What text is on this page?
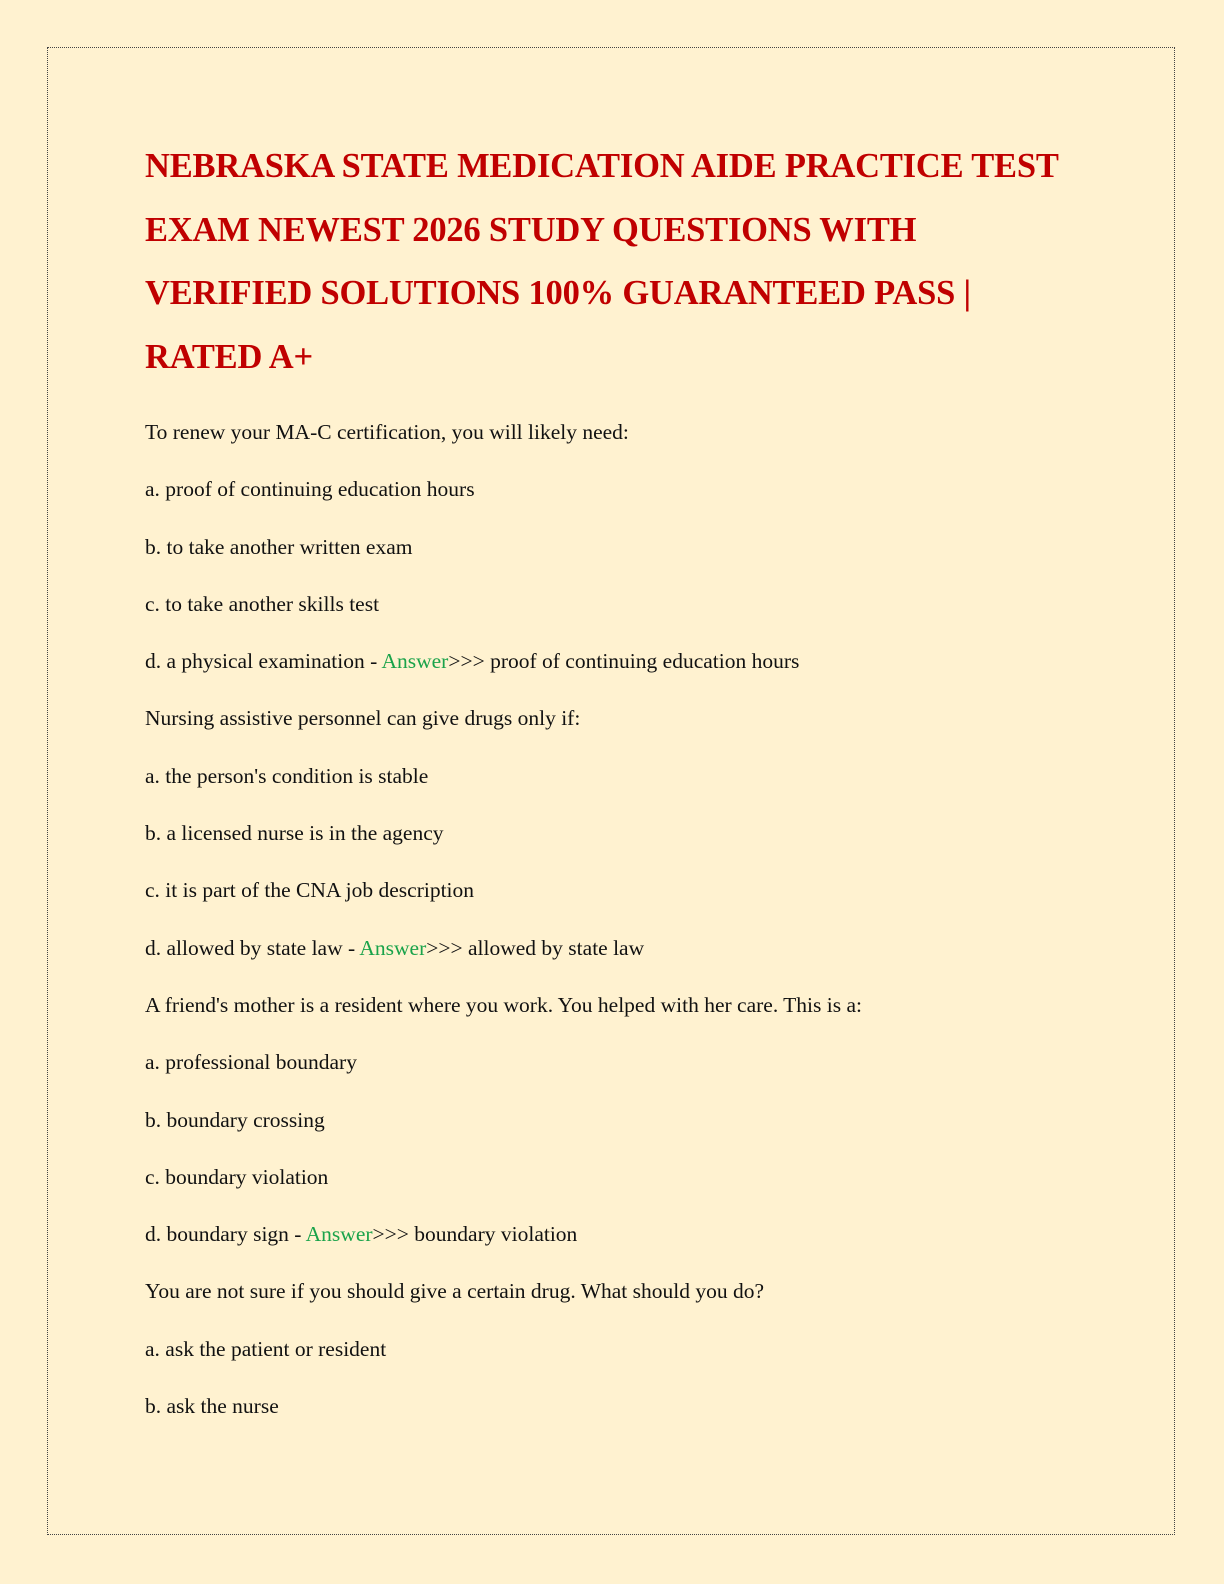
NEBRASKA STATE MEDICATION AIDE PRACTICE TEST EXAM NEWEST 2026 STUDY QUESTIONS WITH VERIFIED SOLUTIONS 100% GUARANTEED PASS | RATED A+

To renew your MA-C certification, you will likely need:

a. proof of continuing education hours

b. to take another written exam

c. to take another skills test

d. a physical examination - Answer>>> proof of continuing education hours

Nursing assistive personnel can give drugs only if:

a. the person's condition is stable

b. a licensed nurse is in the agency

c. it is part of the CNA job description

d. allowed by state law - Answer>>> allowed by state law

A friend's mother is a resident where you work. You helped with her care. This is a:

a. professional boundary

b. boundary crossing

c. boundary violation

d. boundary sign - Answer>>> boundary violation

You are not sure if you should give a certain drug. What should you do?

a. ask the patient or resident

b. ask the nurse
